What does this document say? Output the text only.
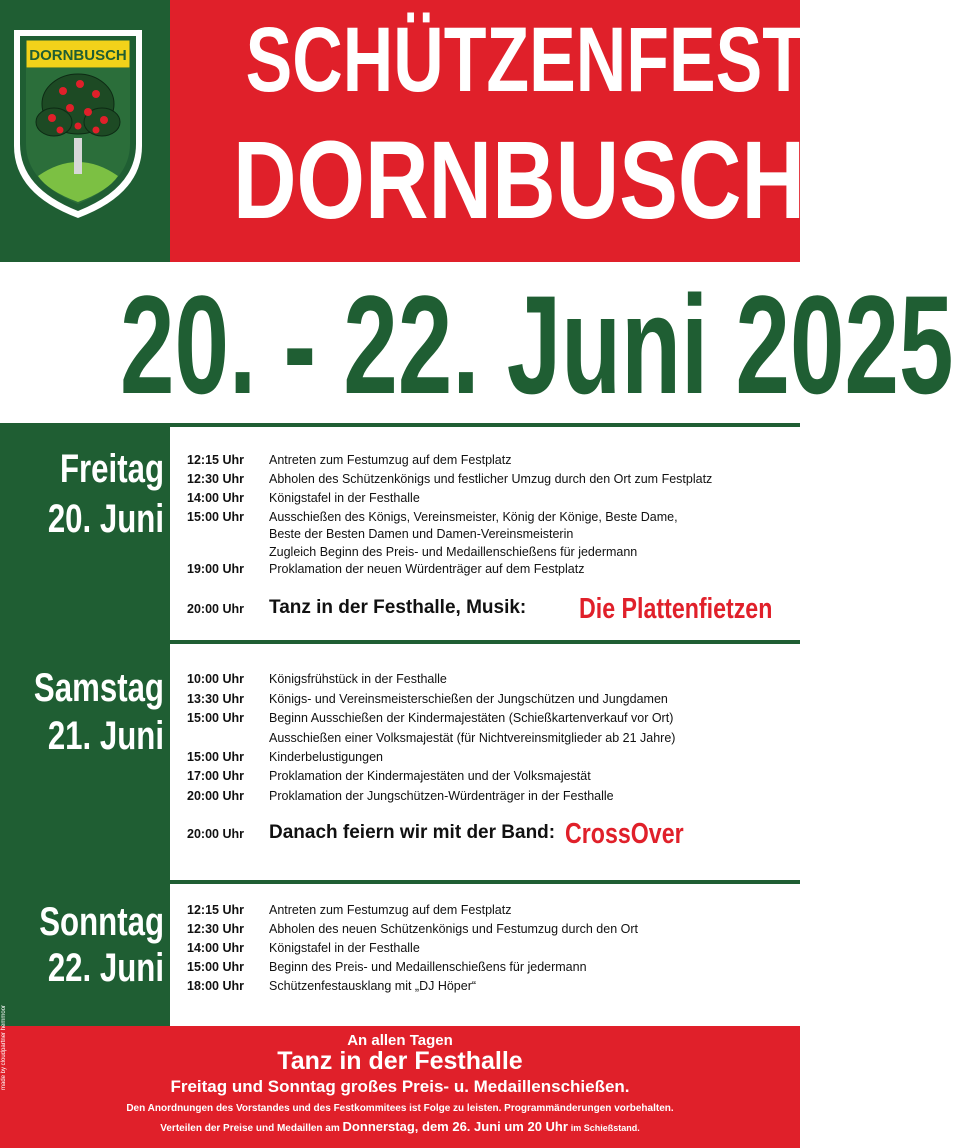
DORNBUSCH SCHÜTZENFEST
DORNBUSCH
20. - 22. Juni 2025
Freitag
20. Juni
12:15 Uhr	Antreten zum Festumzug auf dem Festplatz
12:30 Uhr	Abholen des Schützenkönigs und festlicher Umzug durch den Ort zum Festplatz
14:00 Uhr	Königstafel in der Festhalle
15:00 Uhr	Ausschießen des Königs, Vereinsmeister, König der Könige, Beste Dame,
Beste der Besten Damen und Damen-Vereinsmeisterin
Zugleich Beginn des Preis- und Medaillenschießens für jedermann
19:00 Uhr	Proklamation der neuen Würdenträger auf dem Festplatz
20:00 Uhr Tanz in der Festhalle, Musik: Die Plattenfietzen
Samstag
21. Juni
10:00 Uhr	Königsfrühstück in der Festhalle
13:30 Uhr	Königs- und Vereinsmeisterschießen der Jungschützen und Jungdamen
15:00 Uhr	Beginn Ausschießen der Kindermajestäten (Schießkartenverkauf vor Ort)
Ausschießen einer Volksmajestät (für Nichtvereinsmitglieder ab 21 Jahre)
15:00 Uhr	Kinderbelustigungen
17:00 Uhr	Proklamation der Kindermajestäten und der Volksmajestät
20:00 Uhr	Proklamation der Jungschützen-Würdenträger in der Festhalle
20:00 Uhr Danach feiern wir mit der Band: CrossOver
Sonntag
22. Juni
12:15 Uhr	Antreten zum Festumzug auf dem Festplatz
12:30 Uhr	Abholen des neuen Schützenkönigs und Festumzug durch den Ort
14:00 Uhr	Königstafel in der Festhalle
15:00 Uhr	Beginn des Preis- und Medaillenschießens für jedermann
18:00 Uhr	Schützenfestausklang mit „DJ Höper“
An allen Tagen
Tanz in der Festhalle
Freitag und Sonntag großes Preis- u. Medaillenschießen.
Den Anordnungen des Vorstandes und des Festkommitees ist Folge zu leisten. Programmänderungen vorbehalten.
Verteilen der Preise und Medaillen am Donnerstag, dem 26. Juni um 20 Uhr im Schießstand.
made by cloudpartner hemmoor
